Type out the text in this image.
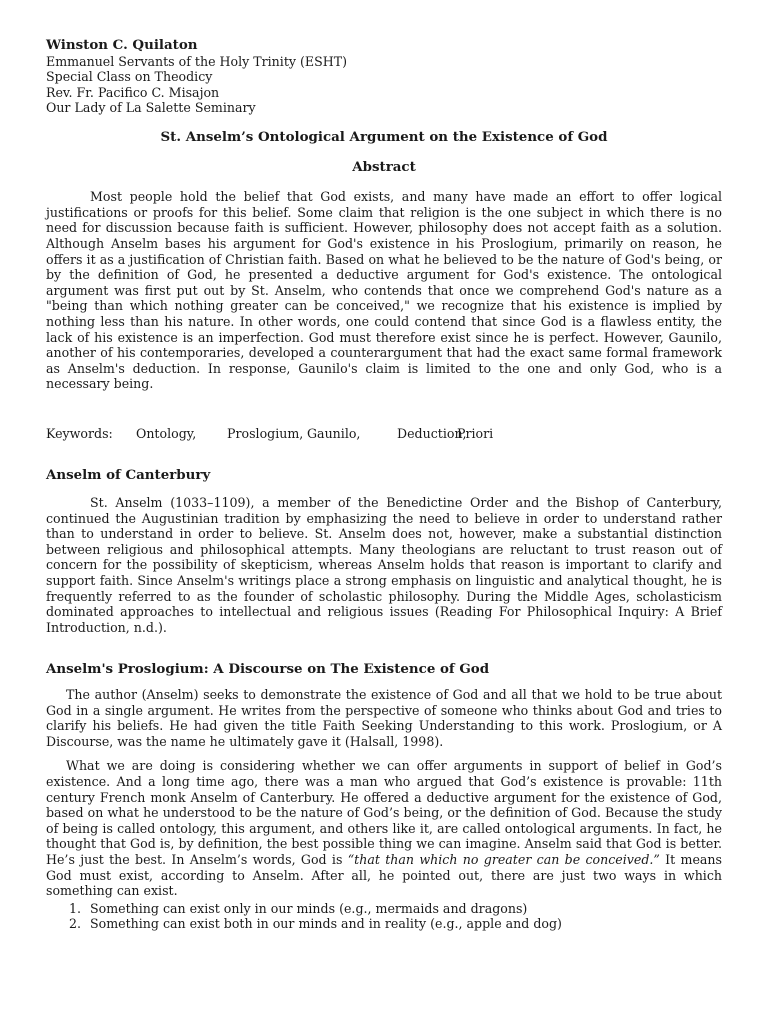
Winston C. Quilaton
Emmanuel Servants of the Holy Trinity (ESHT)
Special Class on Theodicy
Rev. Fr. Pacifico C. Misajon
Our Lady of La Salette Seminary
St. Anselm’s Ontological Argument on the Existence of God
Abstract

Most people hold the belief that God exists, and many have made an effort to offer logical justifications or proofs for this belief. Some claim that religion is the one subject in which there is no need for discussion because faith is sufficient. However, philosophy does not accept faith as a solution. Although Anselm bases his argument for God's existence in his Proslogium, primarily on reason, he offers it as a justification of Christian faith. Based on what he believed to be the nature of God's being, or by the definition of God, he presented a deductive argument for God's existence. The ontological argument was first put out by St. Anselm, who contends that once we comprehend God's nature as a "being than which nothing greater can be conceived," we recognize that his existence is implied by nothing less than his nature. In other words, one could contend that since God is a flawless entity, the lack of his existence is an imperfection. God must therefore exist since he is perfect. However, Gaunilo, another of his contemporaries, developed a counterargument that had the exact same formal framework as Anselm's deduction. In response, Gaunilo's claim is limited to the one and only God, who is a necessary being.

Keywords:	Ontology,	Proslogium, Gaunilo,	Deduction,
Priori
Anselm of Canterbury

St. Anselm (1033–1109), a member of the Benedictine Order and the Bishop of Canterbury, continued the Augustinian tradition by emphasizing the need to believe in order to understand rather than to understand in order to believe. St. Anselm does not, however, make a substantial distinction between religious and philosophical attempts. Many theologians are reluctant to trust reason out of concern for the possibility of skepticism, whereas Anselm holds that reason is important to clarify and support faith. Since Anselm's writings place a strong emphasis on linguistic and analytical thought, he is frequently referred to as the founder of scholastic philosophy. During the Middle Ages, scholasticism dominated approaches to intellectual and religious issues (Reading For Philosophical Inquiry: A Brief Introduction, n.d.).

Anselm's Proslogium: A Discourse on The Existence of God

The author (Anselm) seeks to demonstrate the existence of God and all that we hold to be true about God in a single argument. He writes from the perspective of someone who thinks about God and tries to clarify his beliefs. He had given the title Faith Seeking Understanding to this work. Proslogium, or A Discourse, was the name he ultimately gave it (Halsall, 1998).

What we are doing is considering whether we can offer arguments in support of belief in God’s existence. And a long time ago, there was a man who argued that God’s existence is provable: 11th century French monk Anselm of Canterbury. He offered a deductive argument for the existence of God, based on what he understood to be the nature of God’s being, or the definition of God. Because the study of being is called ontology, this argument, and others like it, are called ontological arguments. In fact, he thought that God is, by definition, the best possible thing we can imagine. Anselm said that God is better. He’s just the best. In Anselm’s words, God is “that than which no greater can be conceived.” It means God must exist, according to Anselm. After all, he pointed out, there are just two ways in which something can exist.

1. Something can exist only in our minds (e.g., mermaids and dragons)
2. Something can exist both in our minds and in reality (e.g., apple and dog)
